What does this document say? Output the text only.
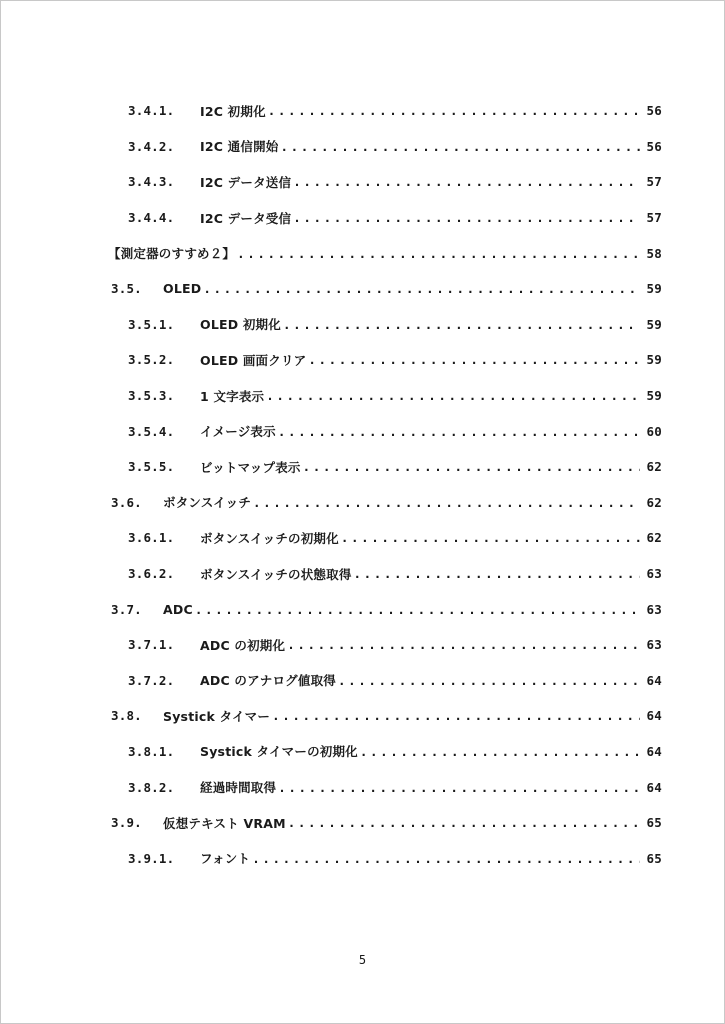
3.4.1.	I2C 初期化 .....	56
3.4.2.	I2C 通信開始 .....	56
3.4.3.	I2C データ送信 .....	57
3.4.4.	I2C データ受信 .....	57
【測定器のすすめ２】 .....	58
3.5.	OLED .....	59
3.5.1.	OLED 初期化 .....	59
3.5.2.	OLED 画面クリア .....	59
3.5.3.	1 文字表示 .....	59
3.5.4.	イメージ表示 .....	60
3.5.5.	ビットマップ表示 .....	62
3.6.	ボタンスイッチ .....	62
3.6.1.	ボタンスイッチの初期化 .....	62
3.6.2.	ボタンスイッチの状態取得 .....	63
3.7.	ADC .....	63
3.7.1.	ADC の初期化 .....	63
3.7.2.	ADC のアナログ値取得 .....	64
3.8.	Systick タイマー .....	64
3.8.1.	Systick タイマーの初期化 .....	64
3.8.2.	経過時間取得 .....	64
3.9.	仮想テキスト VRAM .....	65
3.9.1.	フォント .....	65
5
